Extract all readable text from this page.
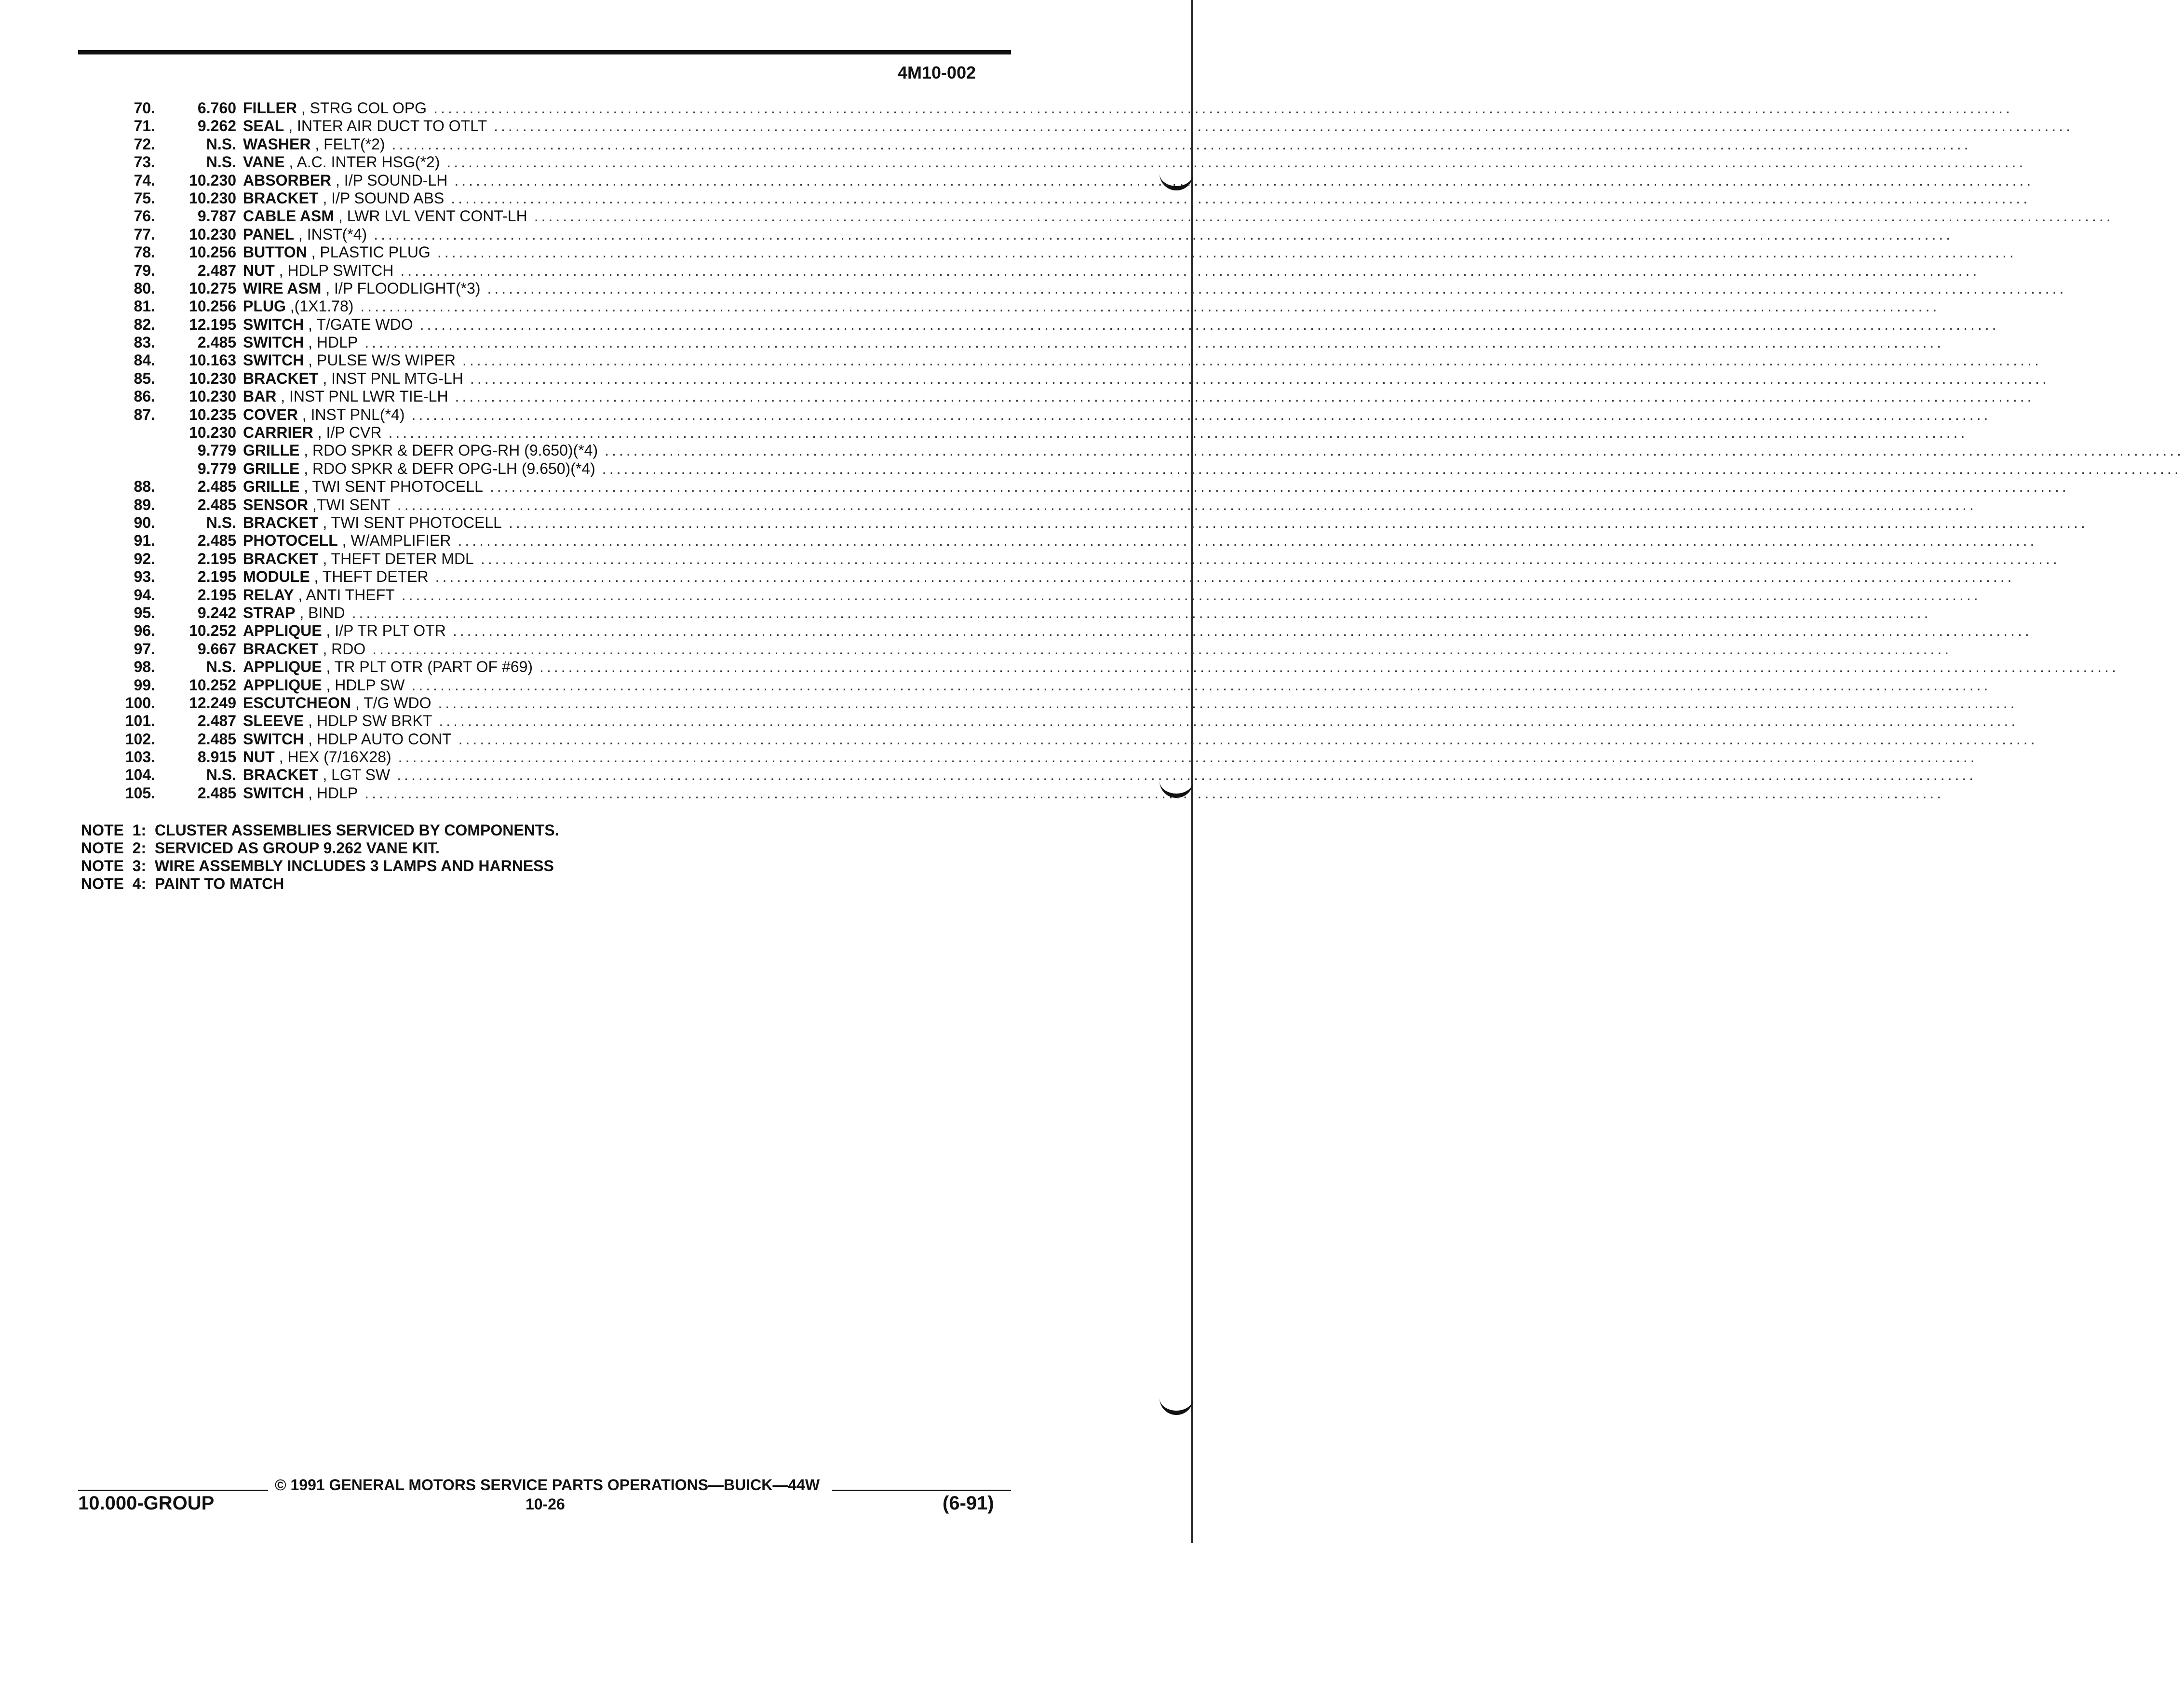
4M10-002
70.	6.760 FILLER , STRG COL OPG ............................................................................................................................................................................................................................
71.	9.262 SEAL , INTER AIR DUCT TO OTLT ............................................................................................................................................................................................................................
72.	N.S. WASHER , FELT(*2) ............................................................................................................................................................................................................................
73.	N.S. VANE , A.C. INTER HSG(*2) ............................................................................................................................................................................................................................
74.	10.230 ABSORBER , I/P SOUND-LH ............................................................................................................................................................................................................................
75.	10.230 BRACKET , I/P SOUND ABS ............................................................................................................................................................................................................................
76.	9.787 CABLE ASM , LWR LVL VENT CONT-LH ............................................................................................................................................................................................................................
77.	10.230 PANEL , INST(*4) ............................................................................................................................................................................................................................
78.	10.256 BUTTON , PLASTIC PLUG ............................................................................................................................................................................................................................
79.	2.487 NUT , HDLP SWITCH ............................................................................................................................................................................................................................
80.	10.275 WIRE ASM , I/P FLOODLIGHT(*3) ............................................................................................................................................................................................................................
81.	10.256 PLUG ,(1X1.78) ............................................................................................................................................................................................................................
82.	12.195 SWITCH , T/GATE WDO ............................................................................................................................................................................................................................
83.	2.485 SWITCH , HDLP ............................................................................................................................................................................................................................
84.	10.163 SWITCH , PULSE W/S WIPER ............................................................................................................................................................................................................................
85.	10.230 BRACKET , INST PNL MTG-LH ............................................................................................................................................................................................................................
86.	10.230 BAR , INST PNL LWR TIE-LH ............................................................................................................................................................................................................................
87.	10.235 COVER , INST PNL(*4) ............................................................................................................................................................................................................................
10.230 CARRIER , I/P CVR ............................................................................................................................................................................................................................
9.779 GRILLE , RDO SPKR & DEFR OPG-RH (9.650)(*4) ............................................................................................................................................................................................................................
9.779 GRILLE , RDO SPKR & DEFR OPG-LH (9.650)(*4) ............................................................................................................................................................................................................................
88.	2.485 GRILLE , TWI SENT PHOTOCELL ............................................................................................................................................................................................................................
89.	2.485 SENSOR ,TWI SENT ............................................................................................................................................................................................................................
90.	N.S. BRACKET , TWI SENT PHOTOCELL ............................................................................................................................................................................................................................
91.	2.485 PHOTOCELL , W/AMPLIFIER ............................................................................................................................................................................................................................
92.	2.195 BRACKET , THEFT DETER MDL ............................................................................................................................................................................................................................
93.	2.195 MODULE , THEFT DETER ............................................................................................................................................................................................................................
94.	2.195 RELAY , ANTI THEFT ............................................................................................................................................................................................................................
95.	9.242 STRAP , BIND ............................................................................................................................................................................................................................
96.	10.252 APPLIQUE , I/P TR PLT OTR ............................................................................................................................................................................................................................
97.	9.667 BRACKET , RDO ............................................................................................................................................................................................................................
98.	N.S. APPLIQUE , TR PLT OTR (PART OF #69) ............................................................................................................................................................................................................................
99.	10.252 APPLIQUE , HDLP SW ............................................................................................................................................................................................................................
100.	12.249 ESCUTCHEON , T/G WDO ............................................................................................................................................................................................................................
101.	2.487 SLEEVE , HDLP SW BRKT ............................................................................................................................................................................................................................
102.	2.485 SWITCH , HDLP AUTO CONT ............................................................................................................................................................................................................................
103.	8.915 NUT , HEX (7/16X28) ............................................................................................................................................................................................................................
104.	N.S. BRACKET , LGT SW ............................................................................................................................................................................................................................
105.	2.485 SWITCH , HDLP ............................................................................................................................................................................................................................
NOTE  1:  CLUSTER ASSEMBLIES SERVICED BY COMPONENTS.
NOTE  2:  SERVICED AS GROUP 9.262 VANE KIT.
NOTE  3:  WIRE ASSEMBLY INCLUDES 3 LAMPS AND HARNESS
NOTE  4:  PAINT TO MATCH
© 1991 GENERAL MOTORS SERVICE PARTS OPERATIONS—BUICK—44W
10.000-GROUP	10-26	(6-91)
